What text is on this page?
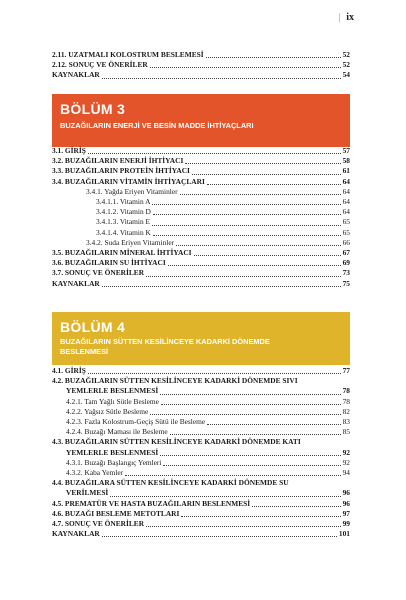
| ix
2.11. UZATMALI KOLOSTRUM BESLEMESİ	52
2.12. SONUÇ VE ÖNERİLER	52
KAYNAKLAR	54
BÖLÜM 3
BUZAĞILARIN ENERJİ VE BESİN MADDE İHTİYAÇLARI
3.1. GİRİŞ	57
3.2. BUZAĞILARIN ENERJİ İHTİYACI	58
3.3. BUZAĞILARIN PROTEİN İHTİYACI	61
3.4. BUZAĞILARIN VİTAMİN İHTİYAÇLARI	64
3.4.1. Yağda Eriyen Vitaminler	64
3.4.1.1. Vitamin A	64
3.4.1.2. Vitamin D	64
3.4.1.3. Vitamin E	65
3.4.1.4. Vitamin K	65
3.4.2. Suda Eriyen Vitaminler	66
3.5. BUZAĞILARIN MİNERAL İHTİYACI	67
3.6. BUZAĞILARIN SU İHTİYACI	69
3.7. SONUÇ VE ÖNERİLER	73
KAYNAKLAR	75
BÖLÜM 4
BUZAĞILARIN SÜTTEN KESİLİNCEYE KADARKİ DÖNEMDE
BESLENMESİ
4.1. GİRİŞ	77
4.2. BUZAĞILARIN SÜTTEN KESİLİNCEYE KADARKİ DÖNEMDE SIVI
YEMLERLE BESLENMESİ	78
4.2.1. Tam Yağlı Sütle Besleme	78
4.2.2. Yağsız Sütle Besleme	82
4.2.3. Fazla Kolostrum-Geçiş Sütü ile Besleme	83
4.2.4. Buzağı Maması ile Besleme	85
4.3. BUZAĞILARIN SÜTTEN KESİLİNCEYE KADARKİ DÖNEMDE KATI
YEMLERLE BESLENMESİ	92
4.3.1. Buzağı Başlangıç Yemleri	92
4.3.2. Kaba Yemler	94
4.4. BUZAĞILARA SÜTTEN KESİLİNCEYE KADARKİ DÖNEMDE SU
VERİLMESİ	96
4.5. PREMATÜR VE HASTA BUZAĞILARIN BESLENMESİ	96
4.6. BUZAĞI BESLEME METOTLARI	97
4.7. SONUÇ VE ÖNERİLER	99
KAYNAKLAR	101
